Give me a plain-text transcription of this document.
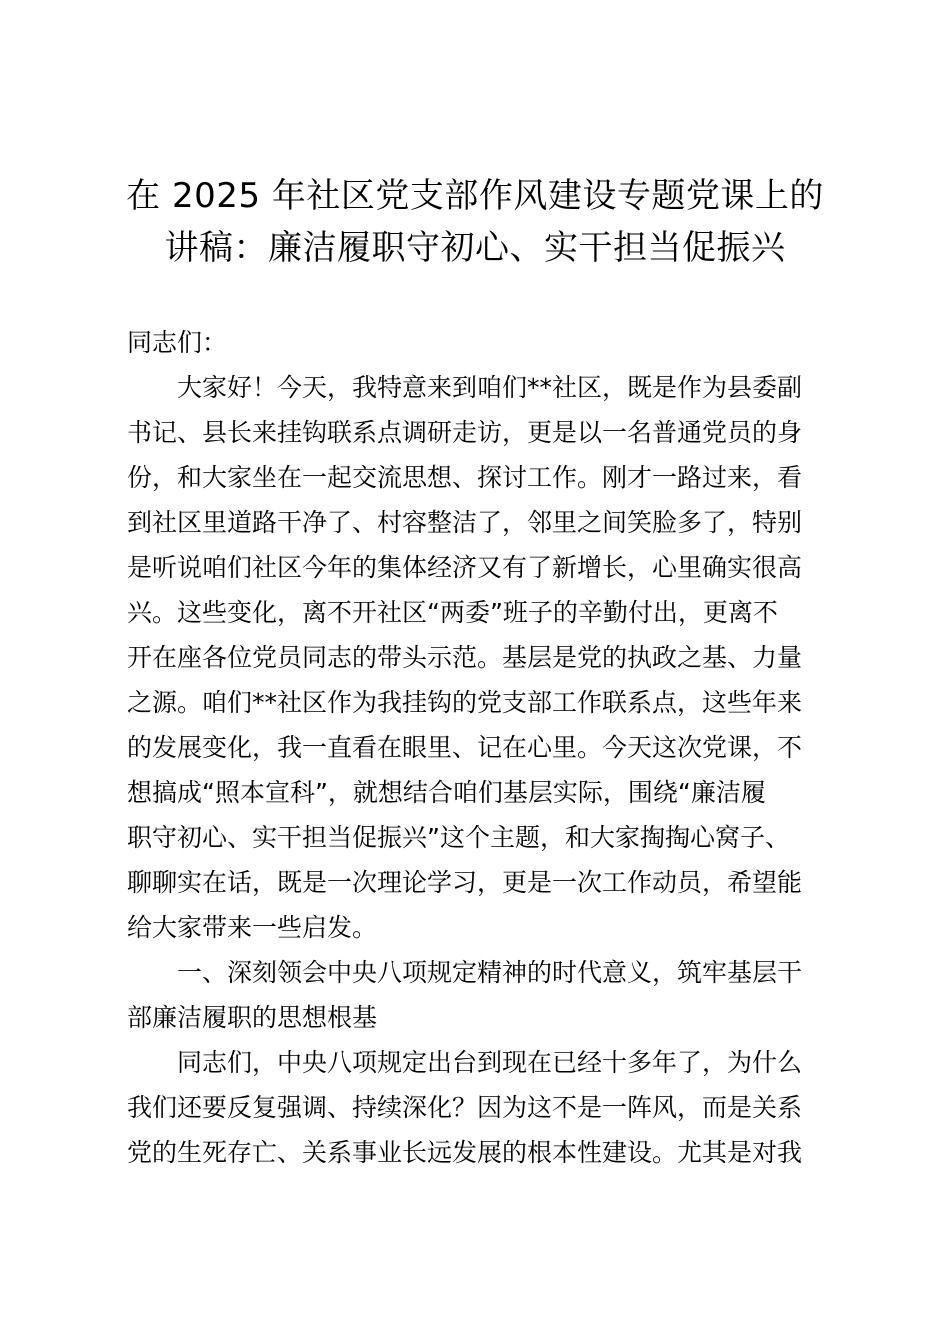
在 2025 年社区党支部作风建设专题党课上的
讲稿：廉洁履职守初心、实干担当促振兴

同志们：

大家好！今天，我特意来到咱们**社区，既是作为县委副
书记、县长来挂钩联系点调研走访，更是以一名普通党员的身
份，和大家坐在一起交流思想、探讨工作。刚才一路过来，看
到社区里道路干净了、村容整洁了，邻里之间笑脸多了，特别
是听说咱们社区今年的集体经济又有了新增长，心里确实很高
兴。这些变化，离不开社区“两委”班子的辛勤付出，更离不
开在座各位党员同志的带头示范。基层是党的执政之基、力量
之源。咱们**社区作为我挂钩的党支部工作联系点，这些年来
的发展变化，我一直看在眼里、记在心里。今天这次党课，不
想搞成“照本宣科”，就想结合咱们基层实际，围绕“廉洁履
职守初心、实干担当促振兴”这个主题，和大家掏掏心窝子、
聊聊实在话，既是一次理论学习，更是一次工作动员，希望能
给大家带来一些启发。

一、深刻领会中央八项规定精神的时代意义，筑牢基层干
部廉洁履职的思想根基

同志们，中央八项规定出台到现在已经十多年了，为什么
我们还要反复强调、持续深化？因为这不是一阵风，而是关系
党的生死存亡、关系事业长远发展的根本性建设。尤其是对我
